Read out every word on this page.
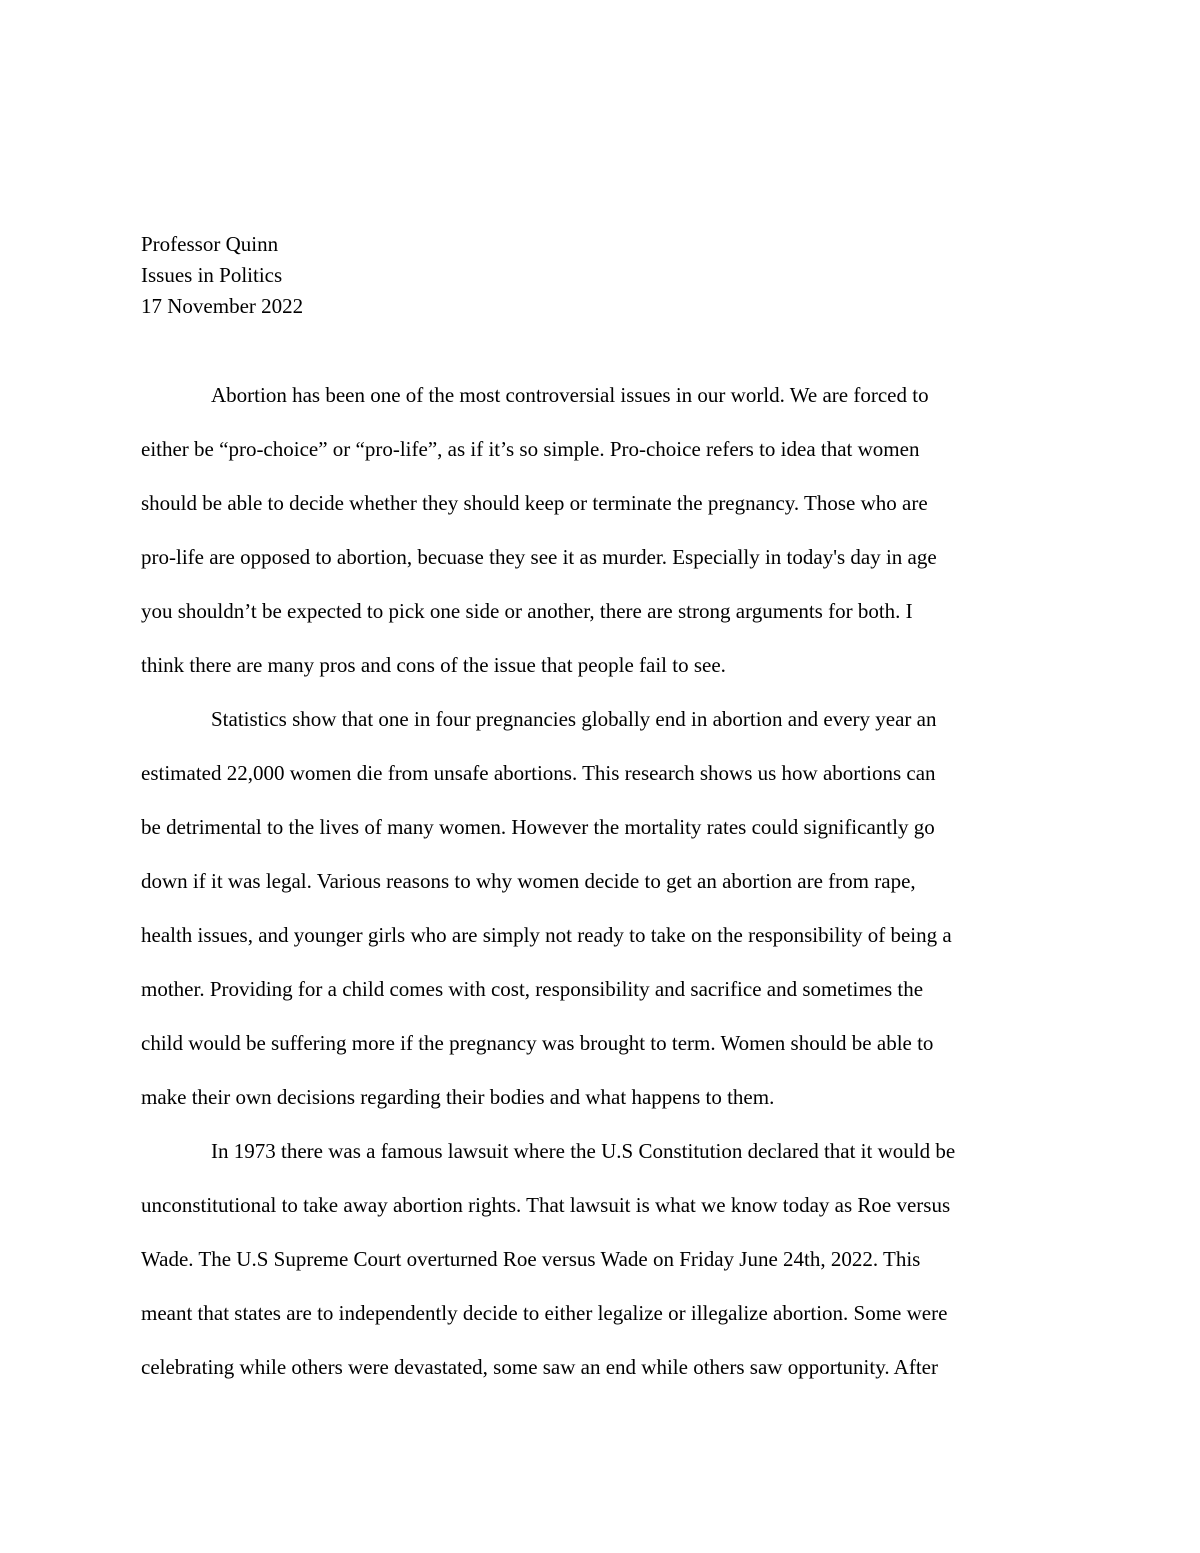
Professor Quinn
Issues in Politics
17 November 2022
Abortion has been one of the most controversial issues in our world. We are forced to
either be “pro-choice” or “pro-life”, as if it’s so simple. Pro-choice refers to idea that women
should be able to decide whether they should keep or terminate the pregnancy. Those who are
pro-life are opposed to abortion, becuase they see it as murder. Especially in today's day in age
you shouldn’t be expected to pick one side or another, there are strong arguments for both. I
think there are many pros and cons of the issue that people fail to see.
Statistics show that one in four pregnancies globally end in abortion and every year an
estimated 22,000 women die from unsafe abortions. This research shows us how abortions can
be detrimental to the lives of many women. However the mortality rates could significantly go
down if it was legal. Various reasons to why women decide to get an abortion are from rape,
health issues, and younger girls who are simply not ready to take on the responsibility of being a
mother. Providing for a child comes with cost, responsibility and sacrifice and sometimes the
child would be suffering more if the pregnancy was brought to term. Women should be able to
make their own decisions regarding their bodies and what happens to them.
In 1973 there was a famous lawsuit where the U.S Constitution declared that it would be
unconstitutional to take away abortion rights. That lawsuit is what we know today as Roe versus
Wade. The U.S Supreme Court overturned Roe versus Wade on Friday June 24th, 2022. This
meant that states are to independently decide to either legalize or illegalize abortion. Some were
celebrating while others were devastated, some saw an end while others saw opportunity. After
